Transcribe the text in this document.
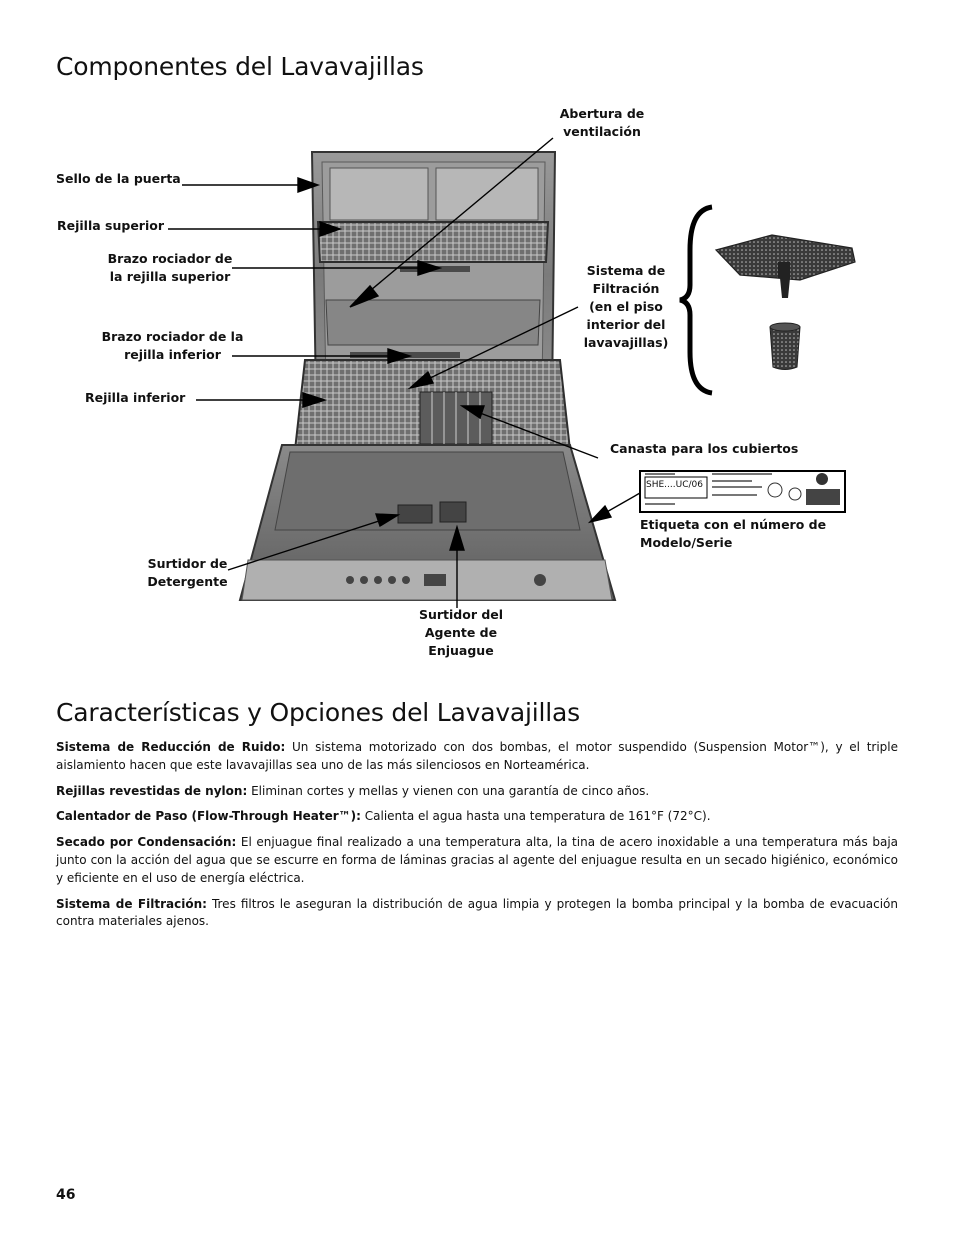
Componentes del Lavavajillas
SHE....UC/06
Abertura de
ventilación
Sello de la puerta
Rejilla superior
Brazo rociador de
la rejilla superior
Brazo rociador de la
rejilla inferior
Rejilla inferior
Sistema de
Filtración
(en el piso
interior del
lavavajillas)
Canasta para los cubiertos
Etiqueta con el número de
Modelo/Serie
Surtidor de
Detergente
Surtidor del
Agente de
Enjuague
Características y Opciones del Lavavajillas

Sistema de Reducción de Ruido: Un sistema motorizado con dos bombas, el motor suspendido (Suspension Motor™), y el triple aislamiento hacen que este lavavajillas sea uno de las más silenciosos en Norteamérica.

Rejillas revestidas de nylon: Eliminan cortes y mellas y vienen con una garantía de cinco años.

Calentador de Paso (Flow-Through Heater™): Calienta el agua hasta una temperatura de 161°F (72°C).

Secado por Condensación: El enjuague final realizado a una temperatura alta, la tina de acero inoxidable a una temperatura más baja junto con la acción del agua que se escurre en forma de láminas gracias al agente del enjuague resulta en un secado higiénico, económico y eficiente en el uso de energía eléctrica.

Sistema de Filtración: Tres filtros le aseguran la distribución de agua limpia y protegen la bomba principal y la bomba de evacuación contra materiales ajenos.

46
